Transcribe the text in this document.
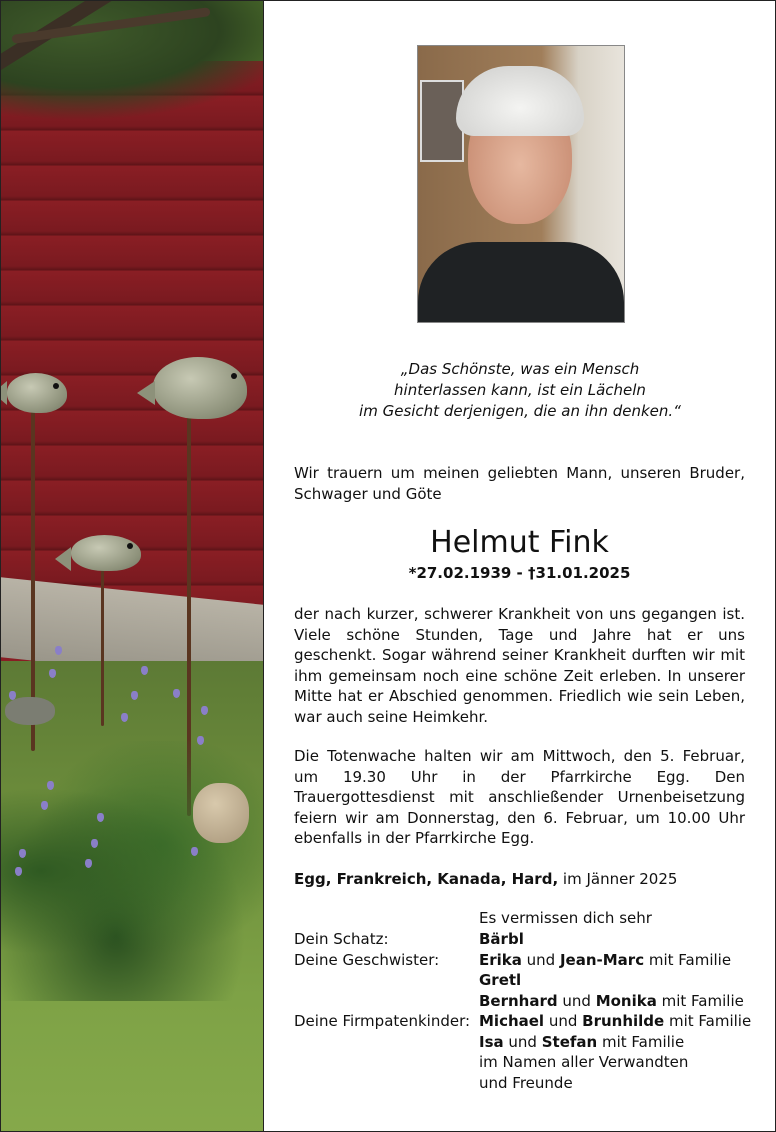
„Das Schönste, was ein Mensch
hinterlassen kann, ist ein Lächeln
im Gesicht derjenigen, die an ihn denken.“
Wir trauern um meinen geliebten Mann, unseren Bruder, Schwager und Göte
Helmut Fink
*27.02.1939 - †31.01.2025
der nach kurzer, schwerer Krankheit von uns gegangen ist. Viele schöne Stunden, Tage und Jahre hat er uns geschenkt. Sogar während seiner Krankheit durften wir mit ihm gemeinsam noch eine schöne Zeit erleben. In unserer Mitte hat er Abschied genommen. Friedlich wie sein Leben, war auch seine Heimkehr.
Die Totenwache halten wir am Mittwoch, den 5. Februar, um 19.30 Uhr in der Pfarrkirche Egg. Den Trauergottesdienst mit anschließender Urnenbeisetzung feiern wir am Donnerstag, den 6. Februar, um 10.00 Uhr ebenfalls in der Pfarrkirche Egg.
Egg, Frankreich, Kanada, Hard, im Jänner 2025
Es vermissen dich sehr
Dein Schatz:	Bärbl
Deine Geschwister:	Erika und Jean-Marc mit Familie
Gretl
Bernhard und Monika mit Familie
Deine Firmpatenkinder: Michael und Brunhilde mit Familie
Isa und Stefan mit Familie
im Namen aller Verwandten
und Freunde
